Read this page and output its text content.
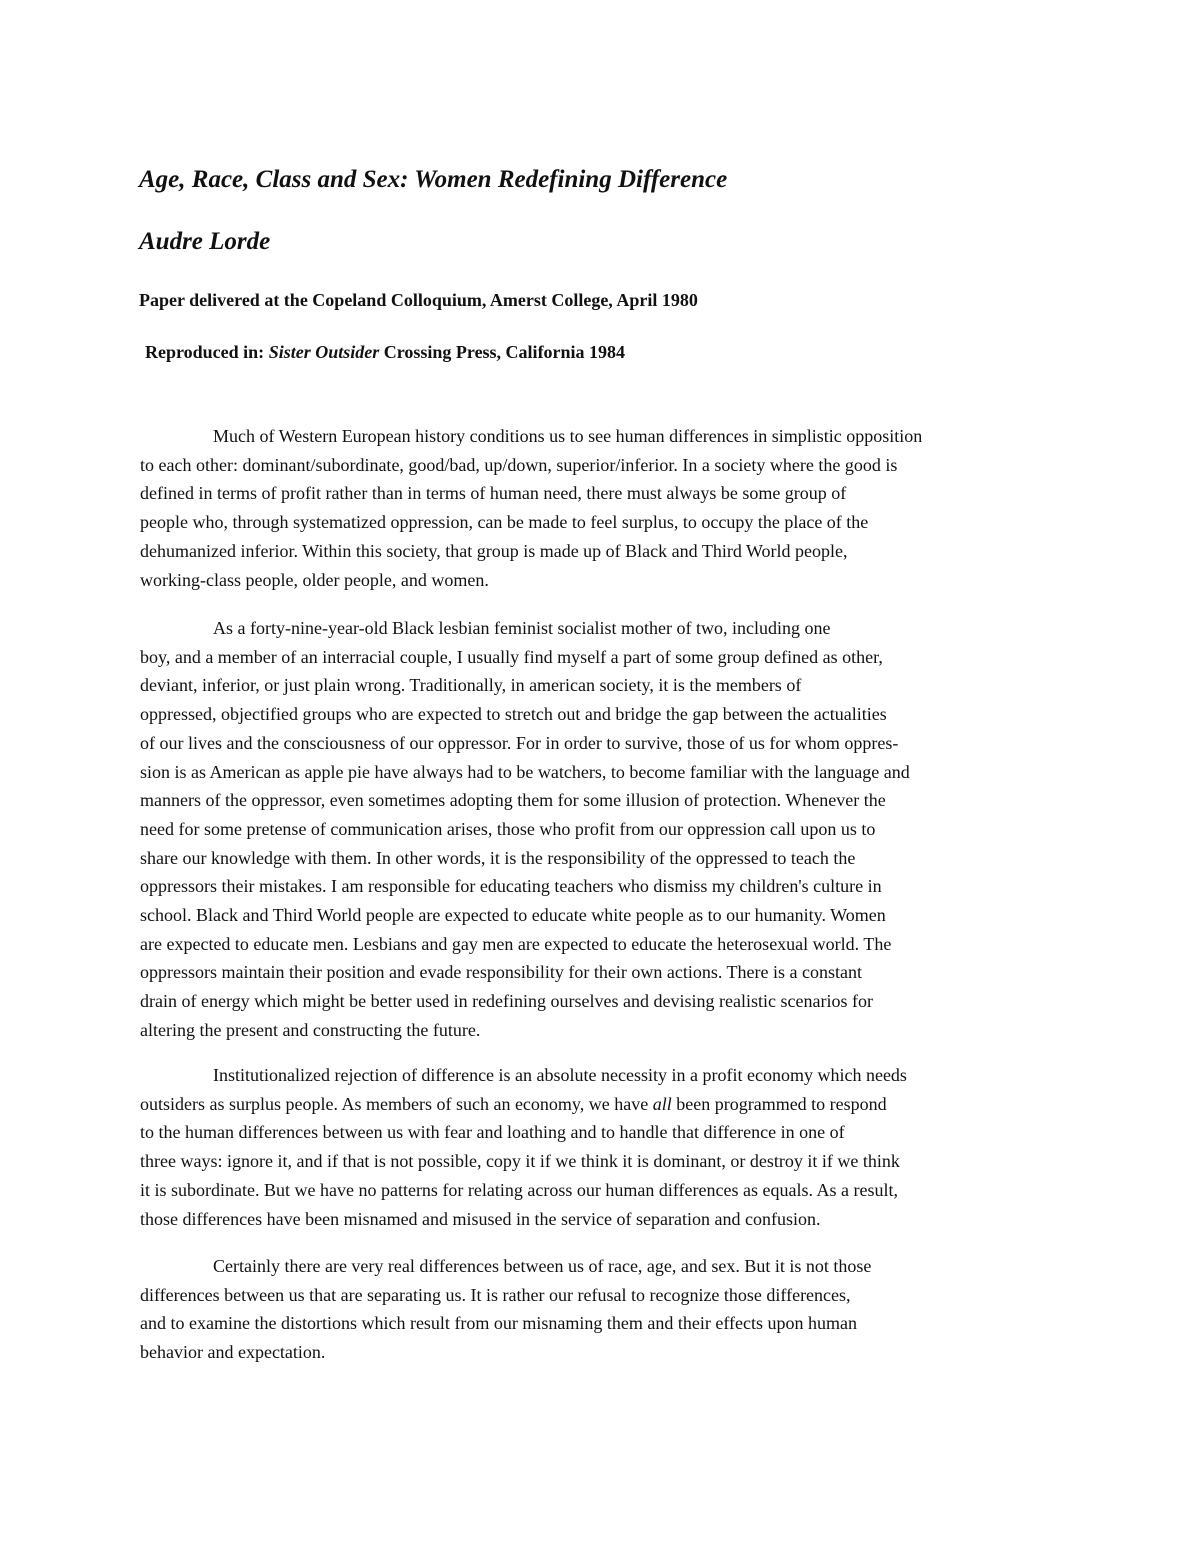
Age, Race, Class and Sex: Women Redefining Difference
Audre Lorde

Paper delivered at the Copeland Colloquium, Amerst College, April 1980

Reproduced in: Sister Outsider Crossing Press, California 1984

Much of Western European history conditions us to see human differences in simplistic opposition
to each other: dominant/subordinate, good/bad, up/down, superior/inferior. In a society where the good is
defined in terms of profit rather than in terms of human need, there must always be some group of
people who, through systematized oppression, can be made to feel surplus, to occupy the place of the
dehumanized inferior. Within this society, that group is made up of Black and Third World people,
working-class people, older people, and women.
As a forty-nine-year-old Black lesbian feminist socialist mother of two, including one
boy, and a member of an interracial couple, I usually find myself a part of some group defined as other,
deviant, inferior, or just plain wrong. Traditionally, in american society, it is the members of
oppressed, objectified groups who are expected to stretch out and bridge the gap between the actualities
of our lives and the consciousness of our oppressor. For in order to survive, those of us for whom oppres-
sion is as American as apple pie have always had to be watchers, to become familiar with the language and
manners of the oppressor, even sometimes adopting them for some illusion of protection. Whenever the
need for some pretense of communication arises, those who profit from our oppression call upon us to
share our knowledge with them. In other words, it is the responsibility of the oppressed to teach the
oppressors their mistakes. I am responsible for educating teachers who dismiss my children's culture in
school. Black and Third World people are expected to educate white people as to our humanity. Women
are expected to educate men. Lesbians and gay men are expected to educate the heterosexual world. The
oppressors maintain their position and evade responsibility for their own actions. There is a constant
drain of energy which might be better used in redefining ourselves and devising realistic scenarios for
altering the present and constructing the future.
Institutionalized rejection of difference is an absolute necessity in a profit economy which needs
outsiders as surplus people. As members of such an economy, we have all been programmed to respond
to the human differences between us with fear and loathing and to handle that difference in one of
three ways: ignore it, and if that is not possible, copy it if we think it is dominant, or destroy it if we think
it is subordinate. But we have no patterns for relating across our human differences as equals. As a result,
those differences have been misnamed and misused in the service of separation and confusion.
Certainly there are very real differences between us of race, age, and sex. But it is not those
differences between us that are separating us. It is rather our refusal to recognize those differences,
and to examine the distortions which result from our misnaming them and their effects upon human
behavior and expectation.
